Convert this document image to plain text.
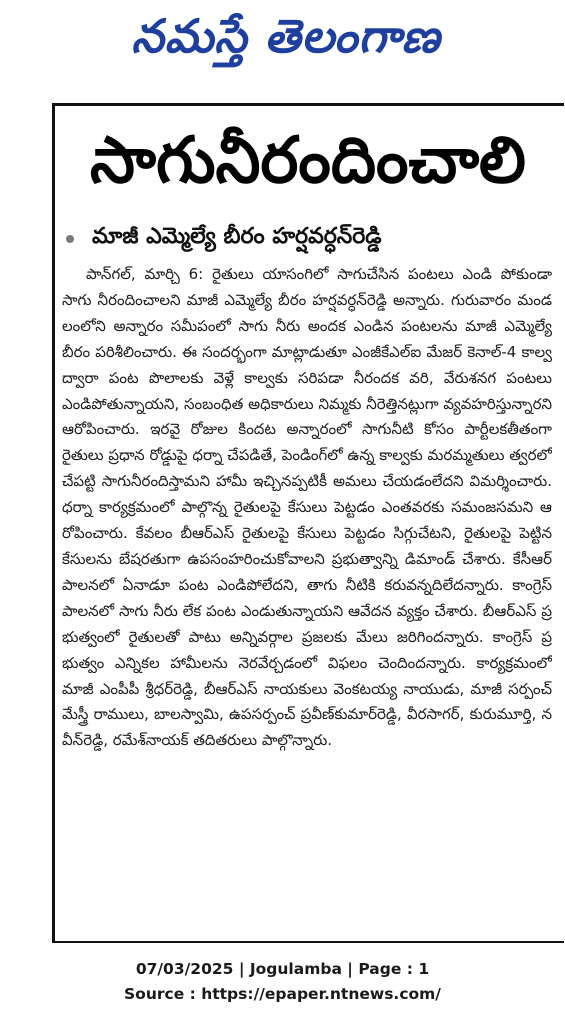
నమస్తే తెలంగాణ
సాగునీరందించాలి
మాజీ ఎమ్మెల్యే బీరం హర్షవర్ధన్‌రెడ్డి
పాన్‌గల్, మార్చి 6: రైతులు యాసంగిలో సాగుచేసిన పంటలు ఎండి పోకుండా సాగు నీరందించాలని మాజీ ఎమ్మెల్యే బీరం హర్షవర్ధన్‌రెడ్డి అన్నారు. గురువారం మండలంలోని అన్నారం సమీపంలో సాగు నీరు అందక ఎండిన పంటలను మాజీ ఎమ్మెల్యే బీరం పరిశీలించారు. ఈ సందర్భంగా మాట్లాడుతూ ఎంజీకేఎల్ఐ మేజర్ కెనాల్-4 కాల్వ ద్వారా పంట పొలాలకు వెళ్లే కాల్వకు సరిపడా నీరందక వరి, వేరుశనగ పంటలు ఎండిపోతున్నాయని, సంబంధిత అధికారులు నిమ్మకు నీరెత్తినట్లుగా వ్యవహరిస్తున్నారని ఆరోపించారు. ఇరవై రోజుల కిందట అన్నారంలో సాగునీటి కోసం పార్టీలకతీతంగా రైతులు ప్రధాన రోడ్డుపై ధర్నా చేపడితే, పెండింగ్‌లో ఉన్న కాల్వకు మరమ్మతులు త్వరలో చేపట్టి సాగునీరందిస్తామని హామీ ఇచ్చినప్పటికీ అమలు చేయడంలేదని విమర్శించారు. ధర్నా కార్యక్రమంలో పాల్గొన్న రైతులపై కేసులు పెట్టడం ఎంతవరకు సమంజసమని ఆరోపించారు. కేవలం బీఆర్ఎస్ రైతులపై కేసులు పెట్టడం సిగ్గుచేటని, రైతులపై పెట్టిన కేసులను బేషరతుగా ఉపసంహరించుకోవాలని ప్రభుత్వాన్ని డిమాండ్ చేశారు. కేసీఆర్ పాలనలో ఏనాడూ పంట ఎండిపోలేదని, తాగు నీటికి కరువన్నదిలేదన్నారు. కాంగ్రెస్ పాలనలో సాగు నీరు లేక పంట ఎండుతున్నాయని ఆవేదన వ్యక్తం చేశారు. బీఆర్ఎస్ ప్రభుత్వంలో రైతులతో పాటు అన్నివర్గాల ప్రజలకు మేలు జరిగిందన్నారు. కాంగ్రెస్ ప్రభుత్వం ఎన్నికల హామీలను నెరవేర్చడంలో విఫలం చెందిందన్నారు. కార్యక్రమంలో మాజీ ఎంపీపీ శ్రీధర్‌రెడ్డి, బీఆర్ఎస్ నాయకులు వెంకటయ్య నాయుడు, మాజీ సర్పంచ్ మేస్త్రీ రాములు, బాలస్వామి, ఉపసర్పంచ్ ప్రవీణ్‌కుమార్‌రెడ్డి, వీరసాగర్, కురుమూర్తి, నవీన్‌రెడ్డి, రమేశ్‌నాయక్ తదితరులు పాల్గొన్నారు.
07/03/2025 | Jogulamba | Page : 1
Source : https://epaper.ntnews.com/
